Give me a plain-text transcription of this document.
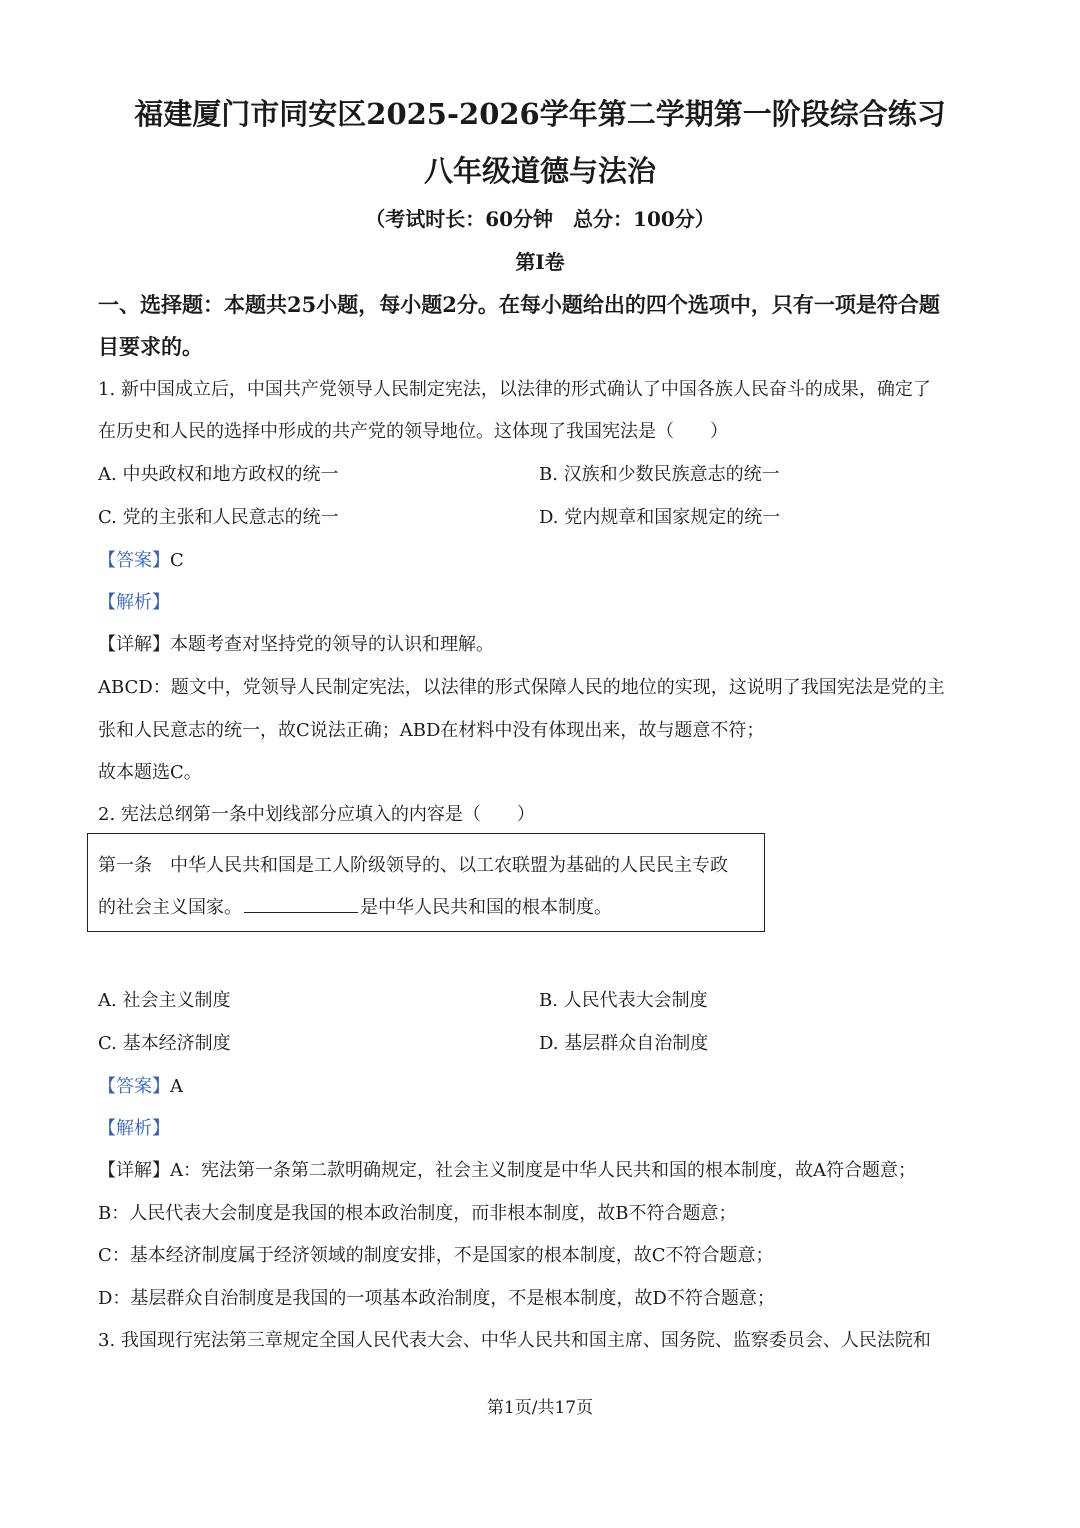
福建厦门市同安区2025-2026学年第二学期第一阶段综合练习
八年级道德与法治
（考试时长：60分钟　总分：100分）
第Ⅰ卷
一、选择题：本题共25小题，每小题2分。在每小题给出的四个选项中，只有一项是符合题
目要求的。
1. 新中国成立后，中国共产党领导人民制定宪法，以法律的形式确认了中国各族人民奋斗的成果，确定了
在历史和人民的选择中形成的共产党的领导地位。这体现了我国宪法是（　　）
A. 中央政权和地方政权的统一	B. 汉族和少数民族意志的统一
C. 党的主张和人民意志的统一	D. 党内规章和国家规定的统一
【答案】C
【解析】
【详解】本题考查对坚持党的领导的认识和理解。
ABCD：题文中，党领导人民制定宪法，以法律的形式保障人民的地位的实现，这说明了我国宪法是党的主
张和人民意志的统一，故C说法正确；ABD在材料中没有体现出来，故与题意不符；
故本题选C。
2. 宪法总纲第一条中划线部分应填入的内容是（　　）
第一条　中华人民共和国是工人阶级领导的、以工农联盟为基础的人民民主专政
的社会主义国家。	是中华人民共和国的根本制度。
A. 社会主义制度	B. 人民代表大会制度
C. 基本经济制度	D. 基层群众自治制度
【答案】A
【解析】
【详解】A：宪法第一条第二款明确规定，社会主义制度是中华人民共和国的根本制度，故A符合题意；
B：人民代表大会制度是我国的根本政治制度，而非根本制度，故B不符合题意；
C：基本经济制度属于经济领域的制度安排，不是国家的根本制度，故C不符合题意；
D：基层群众自治制度是我国的一项基本政治制度，不是根本制度，故D不符合题意；
3. 我国现行宪法第三章规定全国人民代表大会、中华人民共和国主席、国务院、监察委员会、人民法院和
第1页/共17页
